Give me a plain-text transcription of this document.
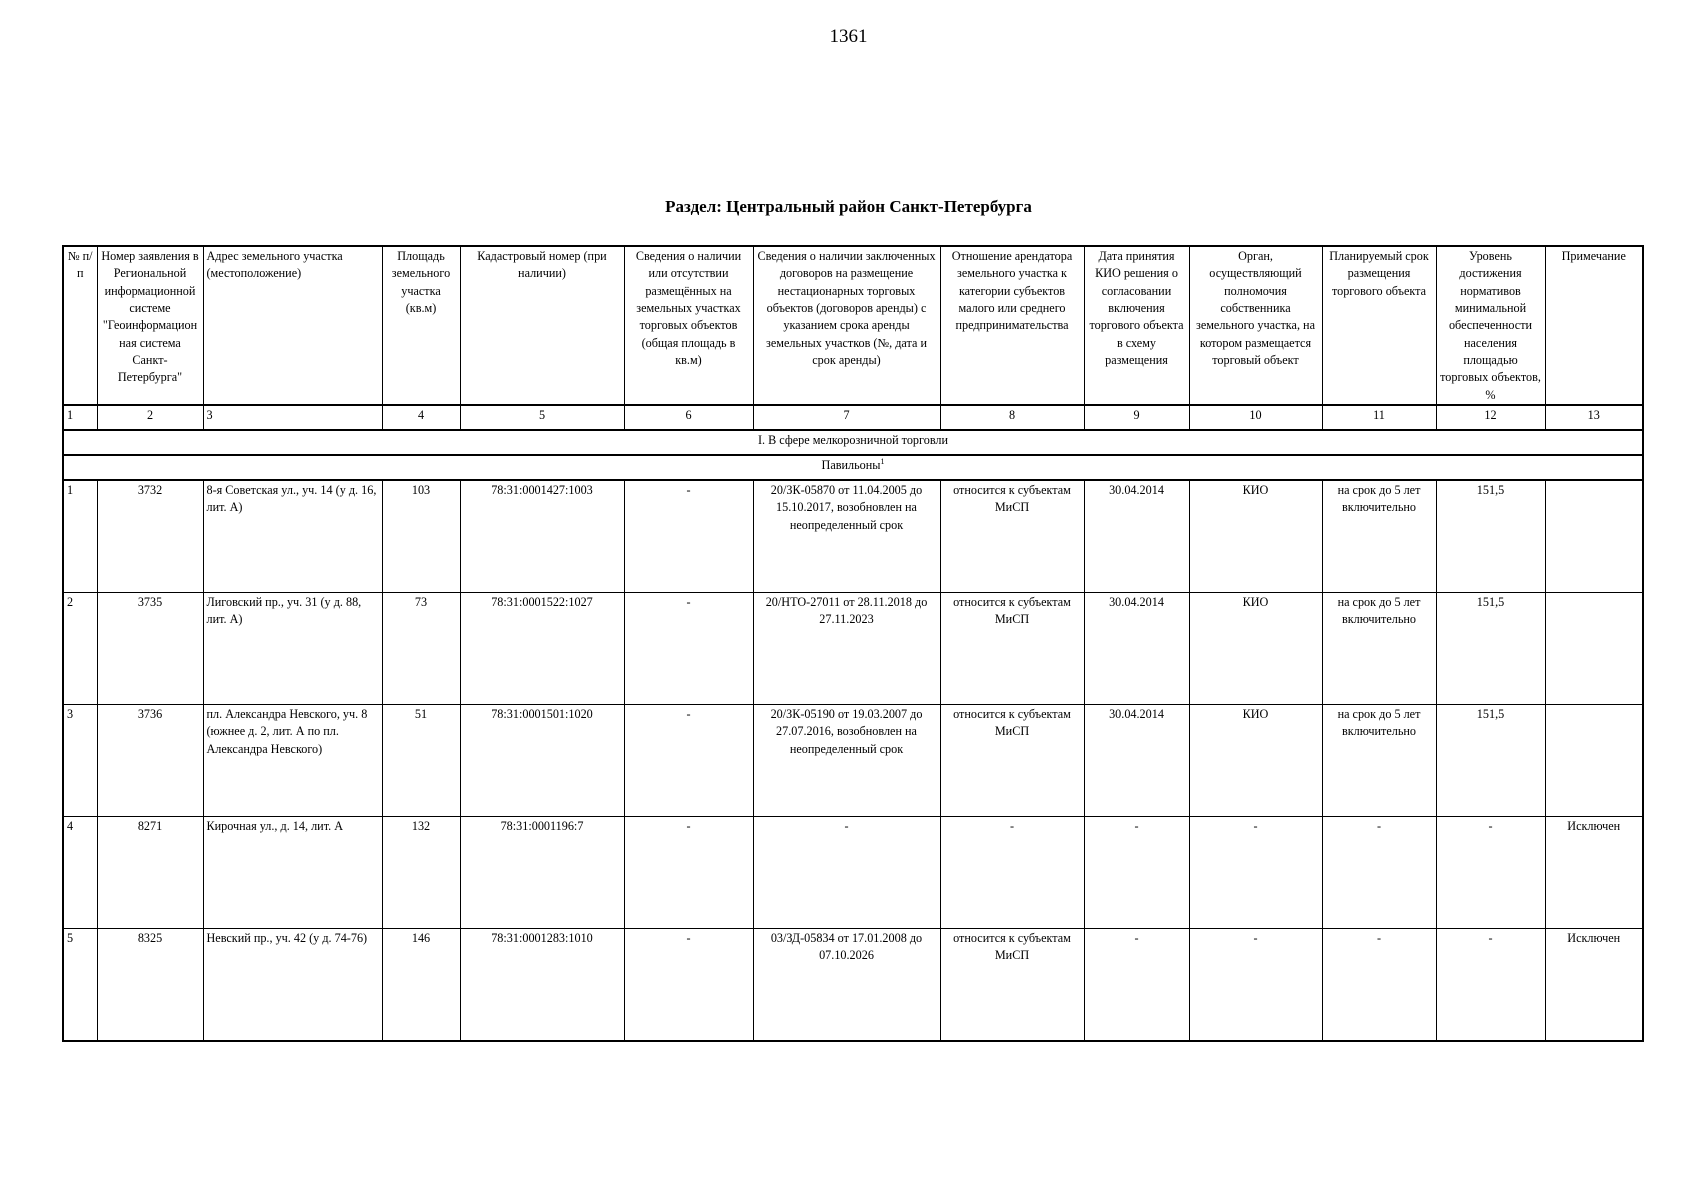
1361
Раздел: Центральный район Санкт-Петербурга
№ п/п	Номер заявления в Региональной информационной системе "Геоинформационная система Санкт-Петербурга"	Адрес земельного участка (местоположение)	Площадь земельного участка (кв.м)	Кадастровый номер (при наличии)	Сведения о наличии или отсутствии размещённых на земельных участках торговых объектов (общая площадь в кв.м)	Сведения о наличии заключенных договоров на размещение нестационарных торговых объектов (договоров аренды) с указанием срока аренды земельных участков (№, дата и срок аренды)	Отношение арендатора земельного участка к категории субъектов малого или среднего предпринимательства	Дата принятия КИО решения о согласовании включения торгового объекта в схему размещения	Орган, осуществляющий полномочия собственника земельного участка, на котором размещается торговый объект	Планируемый срок размещения торгового объекта	Уровень достижения нормативов минимальной обеспеченности населения площадью торговых объектов, %	Примечание
1	2	3	4	5	6	7	8	9	10	11	12	13
I. В сфере мелкорозничной торговли												
Павильоны$^1$
1	3732	8-я Советская ул., уч. 14 (у д. 16, лит. А)	103	78:31:0001427:1003	-	20/ЗК-05870 от 11.04.2005 до 15.10.2017, возобновлен на неопределенный срок	относится к субъектам МиСП	30.04.2014	КИО	на срок до 5 лет включительно	151,5	
2	3735	Лиговский пр., уч. 31 (у д. 88, лит. А)	73	78:31:0001522:1027	-	20/НТО-27011 от 28.11.2018 до 27.11.2023	относится к субъектам МиСП	30.04.2014	КИО	на срок до 5 лет включительно	151,5	
3	3736	пл. Александра Невского, уч. 8 (южнее д. 2, лит. А по пл. Александра Невского)	51	78:31:0001501:1020	-	20/ЗК-05190 от 19.03.2007 до 27.07.2016, возобновлен на неопределенный срок	относится к субъектам МиСП	30.04.2014	КИО	на срок до 5 лет включительно	151,5	
4	8271	Кирочная ул., д. 14, лит. А	132	78:31:0001196:7	-	-	-	-	-	-	-	Исключен
5	8325	Невский пр., уч. 42 (у д. 74-76)	146	78:31:0001283:1010	-	03/ЗД-05834 от 17.01.2008 до 07.10.2026	относится к субъектам МиСП	-	-	-	-	Исключен
